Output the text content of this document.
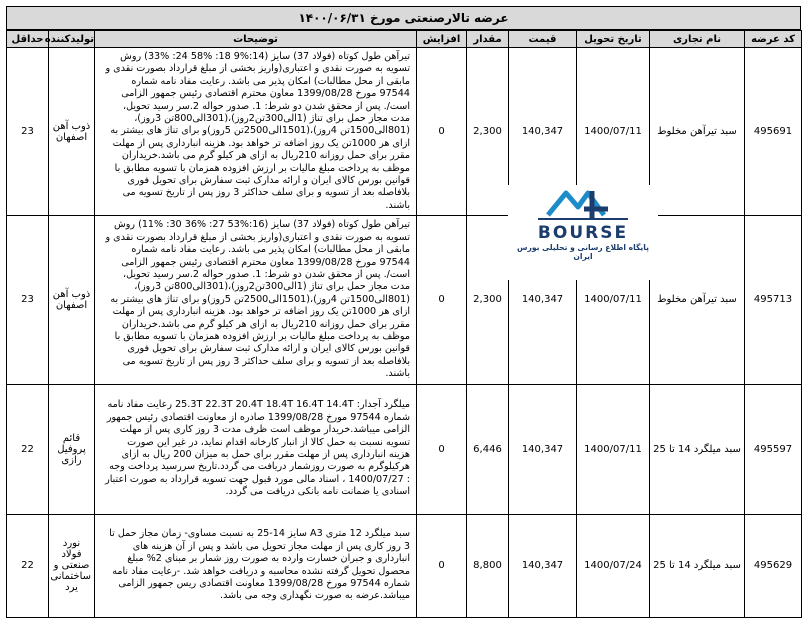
عرضه تالارصنعتی مورخ ۱۴۰۰/۰۶/۳۱
کد عرضه	نام تجاری	تاریخ تحویل	قیمت	مقدار	افزایش	توضیحات	تولیدکننده	حداقل
495691	سبد تیرآهن مخلوط	1400/07/11	140,347	2,300	0	تیرآهن طول کوتاه (فولاد 37) سایز (14:%9 18: %58 24: %33) روش تسویه به صورت نقدی و اعتباری(واریز بخشی از مبلغ قرارداد بصورت نقدی و مابقی از محل مطالبات) امکان پذیر می باشد. رعایت مفاد نامه شماره 97544 مورخ 1399/08/28 معاون محترم اقتصادی رئیس جمهور الزامی است/. پس از محقق شدن دو شرط: 1. صدور حواله 2.سر رسید تحویل، مدت مجاز حمل برای تناژ (1الی300تن2روز)،(301الی800تن 3روز)،(801الی1500تن 4روز)،(1501الی2500تن 5روز)و برای تناژ های بیشتر به ازای هر 1000تن یک روز اضافه تر خواهد بود. هزینه انبارداری پس از مهلت مقرر برای حمل روزانه 210ریال به ازای هر کیلو گرم می باشد.خریداران موظف به پرداخت مبلغ مالیات بر ارزش افزوده همزمان با تسویه مطابق با قوانین بورس کالای ایران و ارائه مدارک ثبت سفارش برای تحویل فوری بلافاصله بعد از تسویه و برای سلف حداکثر 3 روز پس از تاریخ تسویه می باشند.	ذوب آهن اصفهان	23
495713	سبد تیرآهن مخلوط	1400/07/11	140,347	2,300	0	تیرآهن طول کوتاه (فولاد 37) سایز (16:%53 27: %36 30: %11) روش تسویه به صورت نقدی و اعتباری(واریز بخشی از مبلغ قرارداد بصورت نقدی و مابقی از محل مطالبات) امکان پذیر می باشد. رعایت مفاد نامه شماره 97544 مورخ 1399/08/28 معاون محترم اقتصادی رئیس جمهور الزامی است/. پس از محقق شدن دو شرط: 1. صدور حواله 2.سر رسید تحویل، مدت مجاز حمل برای تناژ (1الی300تن2روز)،(301الی800تن 3روز)،(801الی1500تن 4روز)،(1501الی2500تن 5روز)و برای تناژ های بیشتر به ازای هر 1000تن یک روز اضافه تر خواهد بود. هزینه انبارداری پس از مهلت مقرر برای حمل روزانه 210ریال به ازای هر کیلو گرم می باشد.خریداران موظف به پرداخت مبلغ مالیات بر ارزش افزوده همزمان با تسویه مطابق با قوانین بورس کالای ایران و ارائه مدارک ثبت سفارش برای تحویل فوری بلافاصله بعد از تسویه و برای سلف حداکثر 3 روز پس از تاریخ تسویه می باشند.	ذوب آهن اصفهان	23
495597	سبد میلگرد 14 تا 25	1400/07/11	140,347	6,446	0	میلگرد آجدار: 25.3T 22.3T 20.4T 18.4T 16.4T 14.4T رعایت مفاد نامه شماره 97544 مورخ 1399/08/28 صادره از معاونت اقتصادی رئیس جمهور الزامی میباشد.خریدار موظف است ظرف مدت 3 روز کاری پس از مهلت تسویه نسبت به حمل کالا از انبار کارخانه اقدام نماید، در غیر این صورت هزینه انبارداری پس از مهلت مقرر برای حمل به میزان 200 ریال به ازای هرکیلوگرم به صورت روزشمار دریافت می گردد.تاریخ سررسید پرداخت وجه : 1400/07/27 ، اسناد مالی مورد قبول جهت تسویه قرارداد به صورت اعتبار اسنادی یا ضمانت نامه بانکی دریافت می گردد.	قائم پروفیل رازی	22
495629	سبد میلگرد 14 تا 25	1400/07/24	140,347	8,800	0	سبد میلگرد 12 متری A3 سایز 14-25 به نسبت مساوی- زمان مجاز حمل تا 3 روز کاری پس از مهلت مجاز تحویل می باشد و پس از آن هزینه های انبارداری و جبران خسارت وارده به صورت روز شمار بر مبنای 2% مبلغ محصول تحویل گرفته نشده محاسبه و دریافت خواهد شد. -رعایت مفاد نامه شماره 97544 مورخ 1399/08/28 معاونت اقتصادی ریس جمهور الزامی میباشد.عرضه به صورت نگهداری وجه می باشد.	نورد فولاد صنعتی و ساختمانی یرد	22
BOURSE
پایگاه اطلاع رسانی و تحلیلی بورس ایران
